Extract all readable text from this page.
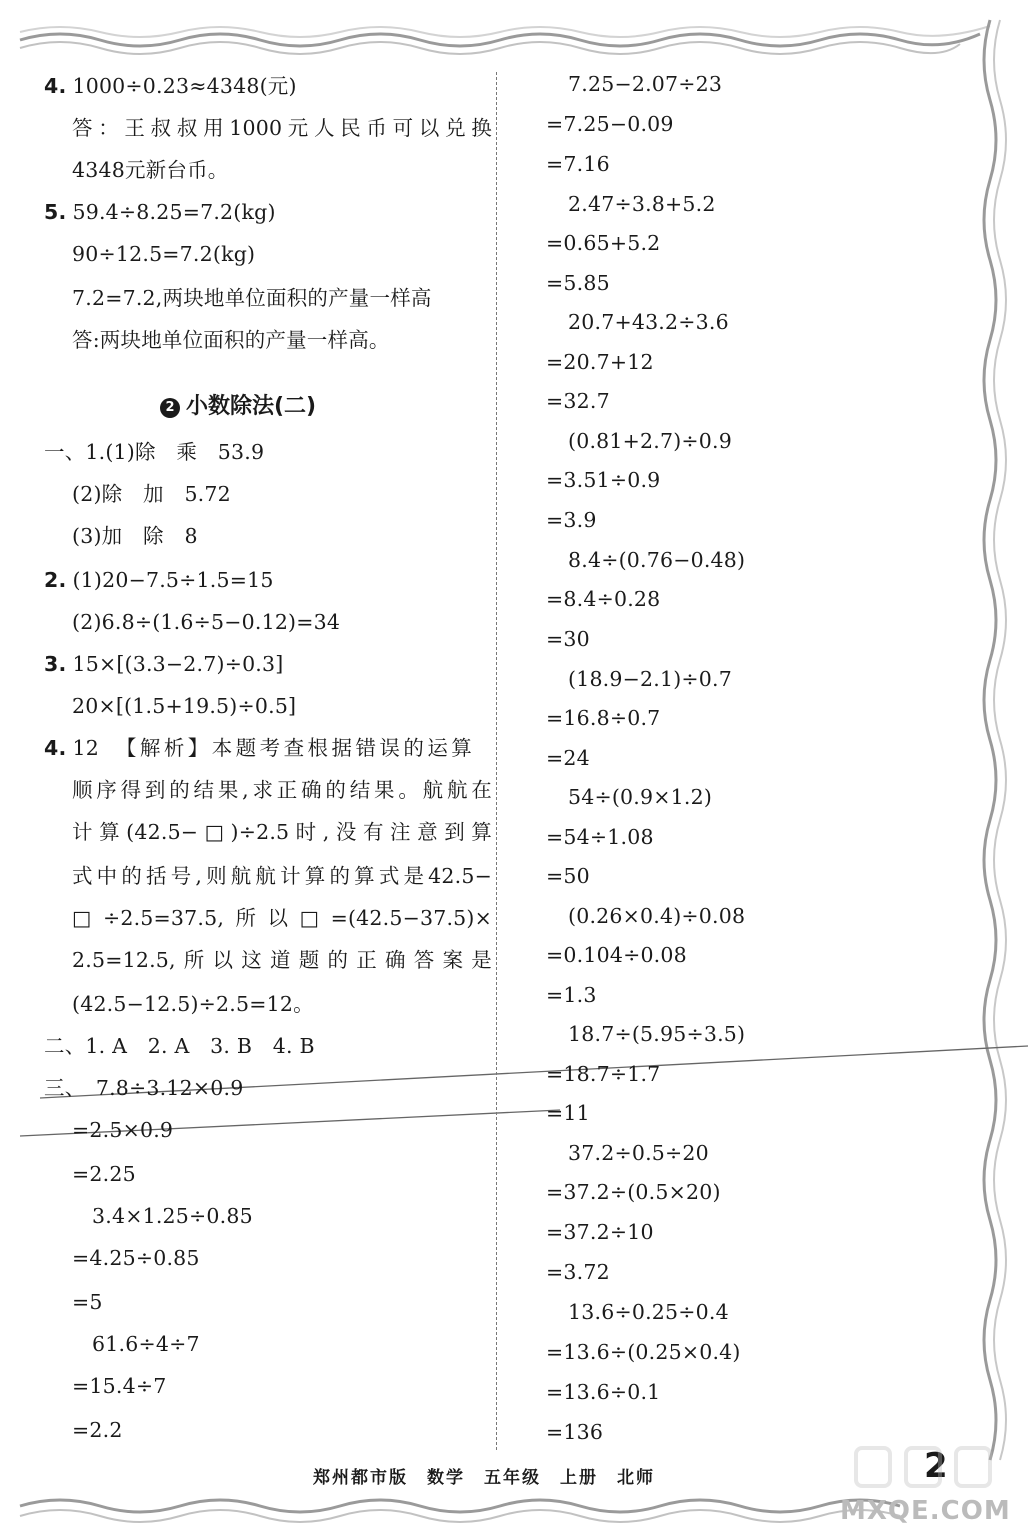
4. 1000÷0.23≈4348(元)
答：王叔叔用1000元人民币可以兑换
4348元新台币。
5. 59.4÷8.25=7.2(kg)
90÷12.5=7.2(kg)
7.2=7.2,两块地单位面积的产量一样高
答:两块地单位面积的产量一样高。
一、1.(1)除　乘　53.9
(2)除　加　5.72
(3)加　除　8
2. (1)20−7.5÷1.5=15
(2)6.8÷(1.6÷5−0.12)=34
3. 15×[(3.3−2.7)÷0.3]
20×[(1.5+19.5)÷0.5]
4. 12　【解析】本题考查根据错误的运算
顺序得到的结果,求正确的结果。航航在
计算(42.5−□)÷2.5时,没有注意到算
式中的括号,则航航计算的算式是42.5−
□÷2.5=37.5,所以□=(42.5−37.5)×
2.5=12.5,所以这道题的正确答案是
(42.5−12.5)÷2.5=12。
二、1. A　2. A　3. B　4. B
三、　7.8÷3.12×0.9
=2.5×0.9
=2.25
3.4×1.25÷0.85
=4.25÷0.85
=5
61.6÷4÷7
=15.4÷7
=2.2
2 小数除法(二)
7.25−2.07÷23
=7.25−0.09
=7.16
2.47÷3.8+5.2
=0.65+5.2
=5.85
20.7+43.2÷3.6
=20.7+12
=32.7
(0.81+2.7)÷0.9
=3.51÷0.9
=3.9
8.4÷(0.76−0.48)
=8.4÷0.28
=30
(18.9−2.1)÷0.7
=16.8÷0.7
=24
54÷(0.9×1.2)
=54÷1.08
=50
(0.26×0.4)÷0.08
=0.104÷0.08
=1.3
18.7÷(5.95÷3.5)
=18.7÷1.7
=11
37.2÷0.5÷20
=37.2÷(0.5×20)
=37.2÷10
=3.72
13.6÷0.25÷0.4
=13.6÷(0.25×0.4)
=13.6÷0.1
=136
郑州都市版　数学　五年级　上册　北师	2
MXQE.COM
